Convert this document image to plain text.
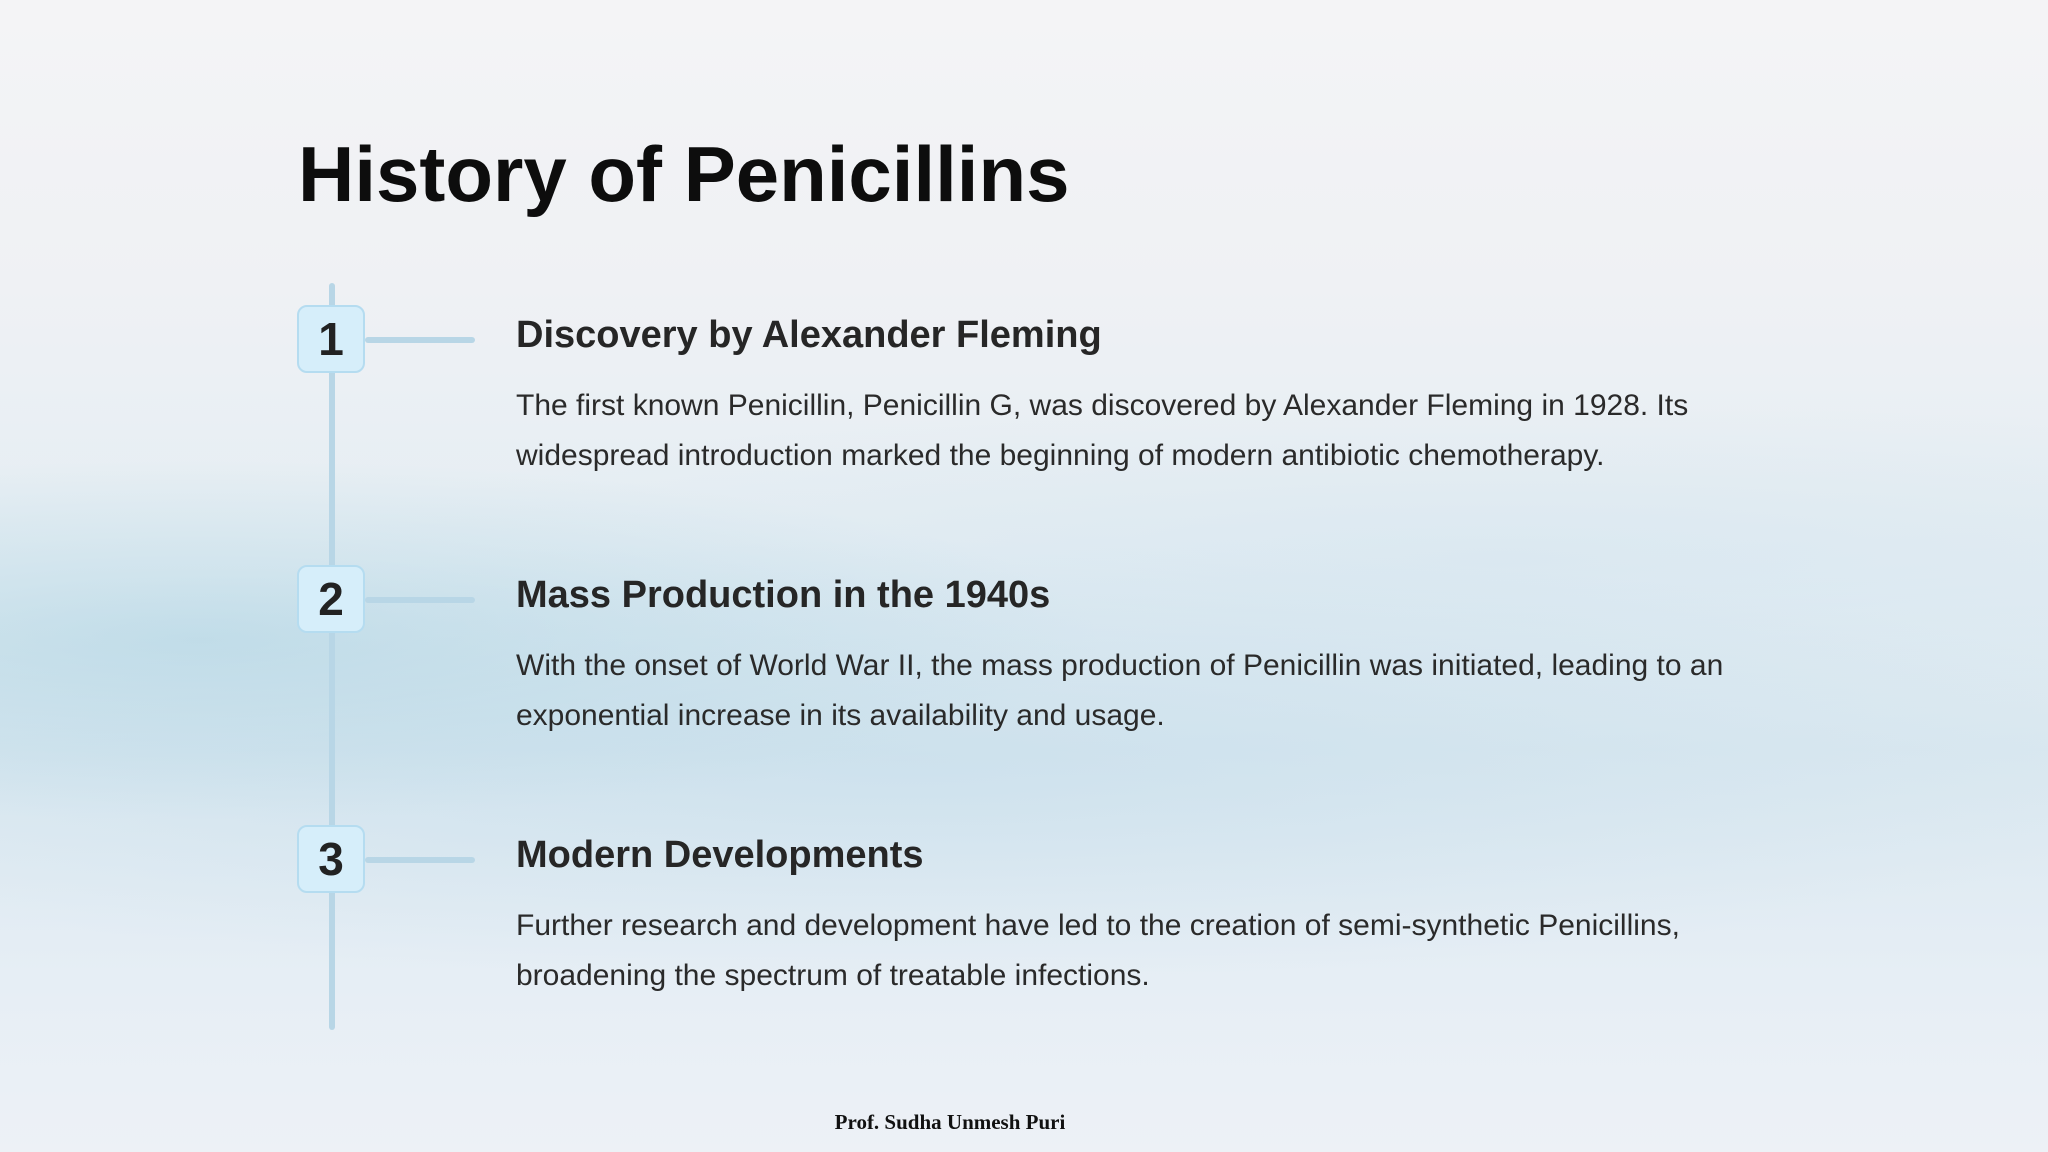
History of Penicillins
1	Discovery by Alexander Fleming

The first known Penicillin, Penicillin G, was discovered by Alexander Fleming in 1928. Its widespread introduction marked the beginning of modern antibiotic chemotherapy.

2	Mass Production in the 1940s

With the onset of World War II, the mass production of Penicillin was initiated, leading to an exponential increase in its availability and usage.

3	Modern Developments

Further research and development have led to the creation of semi-synthetic Penicillins, broadening the spectrum of treatable infections.

Prof. Sudha Unmesh Puri
